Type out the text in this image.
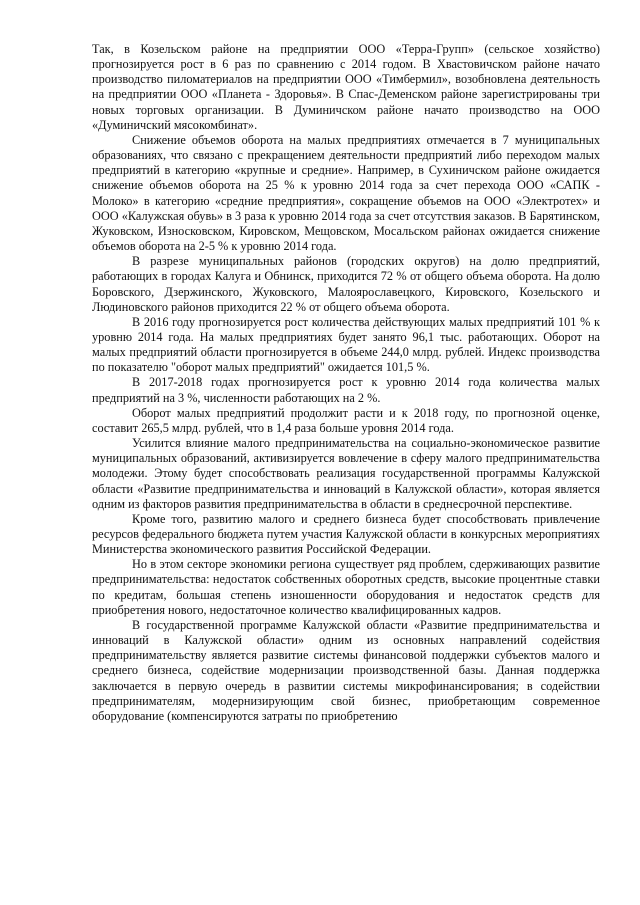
Так, в Козельском районе на предприятии ООО «Терра-Групп» (сельское хозяйство) прогнозируется рост в 6 раз по сравнению с 2014 годом. В Хвастовичском районе начато производство пиломатериалов на предприятии ООО «Тимбермил», возобновлена деятельность на предприятии ООО «Планета - Здоровья». В Спас-Деменском районе зарегистрированы три новых торговых организации. В Думиничском районе начато производство на ООО «Думиничский мясокомбинат».

Снижение объемов оборота на малых предприятиях отмечается в 7 муниципальных образованиях, что связано с прекращением деятельности предприятий либо переходом малых предприятий в категорию «крупные и средние». Например, в Сухиничском районе ожидается снижение объемов оборота на 25 % к уровню 2014 года за счет перехода ООО «САПК - Молоко» в категорию «средние предприятия», сокращение объемов на ООО «Электротех» и ООО «Калужская обувь» в 3 раза к уровню 2014 года за счет отсутствия заказов. В Барятинском, Жуковском, Износковском, Кировском, Мещовском, Мосальском районах ожидается снижение объемов оборота на 2-5 % к уровню 2014 года.

В разрезе муниципальных районов (городских округов) на долю предприятий, работающих в городах Калуга и Обнинск, приходится 72 % от общего объема оборота. На долю Боровского, Дзержинского, Жуковского, Малоярославецкого, Кировского, Козельского и Людиновского районов приходится 22 % от общего объема оборота.

В 2016 году прогнозируется рост количества действующих малых предприятий 101 % к уровню 2014 года. На малых предприятиях будет занято 96,1 тыс. работающих. Оборот на малых предприятий области прогнозируется в объеме 244,0 млрд. рублей. Индекс производства по показателю "оборот малых предприятий" ожидается 101,5 %.

В 2017-2018 годах прогнозируется рост к уровню 2014 года количества малых предприятий на 3 %, численности работающих на 2 %.

Оборот малых предприятий продолжит расти и к 2018 году, по прогнозной оценке, составит 265,5 млрд. рублей, что в 1,4 раза больше уровня 2014 года.

Усилится влияние малого предпринимательства на социально-экономическое развитие муниципальных образований, активизируется вовлечение в сферу малого предпринимательства молодежи. Этому будет способствовать реализация государственной программы Калужской области «Развитие предпринимательства и инноваций в Калужской области», которая является одним из факторов развития предпринимательства в области в среднесрочной перспективе.

Кроме того, развитию малого и среднего бизнеса будет способствовать привлечение ресурсов федерального бюджета путем участия Калужской области в конкурсных мероприятиях Министерства экономического развития Российской Федерации.

Но в этом секторе экономики региона существует ряд проблем, сдерживающих развитие предпринимательства: недостаток собственных оборотных средств, высокие процентные ставки по кредитам, большая степень изношенности оборудования и недостаток средств для приобретения нового, недостаточное количество квалифицированных кадров.

В государственной программе Калужской области «Развитие предпринимательства и инноваций в Калужской области» одним из основных направлений содействия предпринимательству является развитие системы финансовой поддержки субъектов малого и среднего бизнеса, содействие модернизации производственной базы. Данная поддержка заключается в первую очередь в развитии системы микрофинансирования; в содействии предпринимателям, модернизирующим свой бизнес, приобретающим современное оборудование (компенсируются затраты по приобретению
